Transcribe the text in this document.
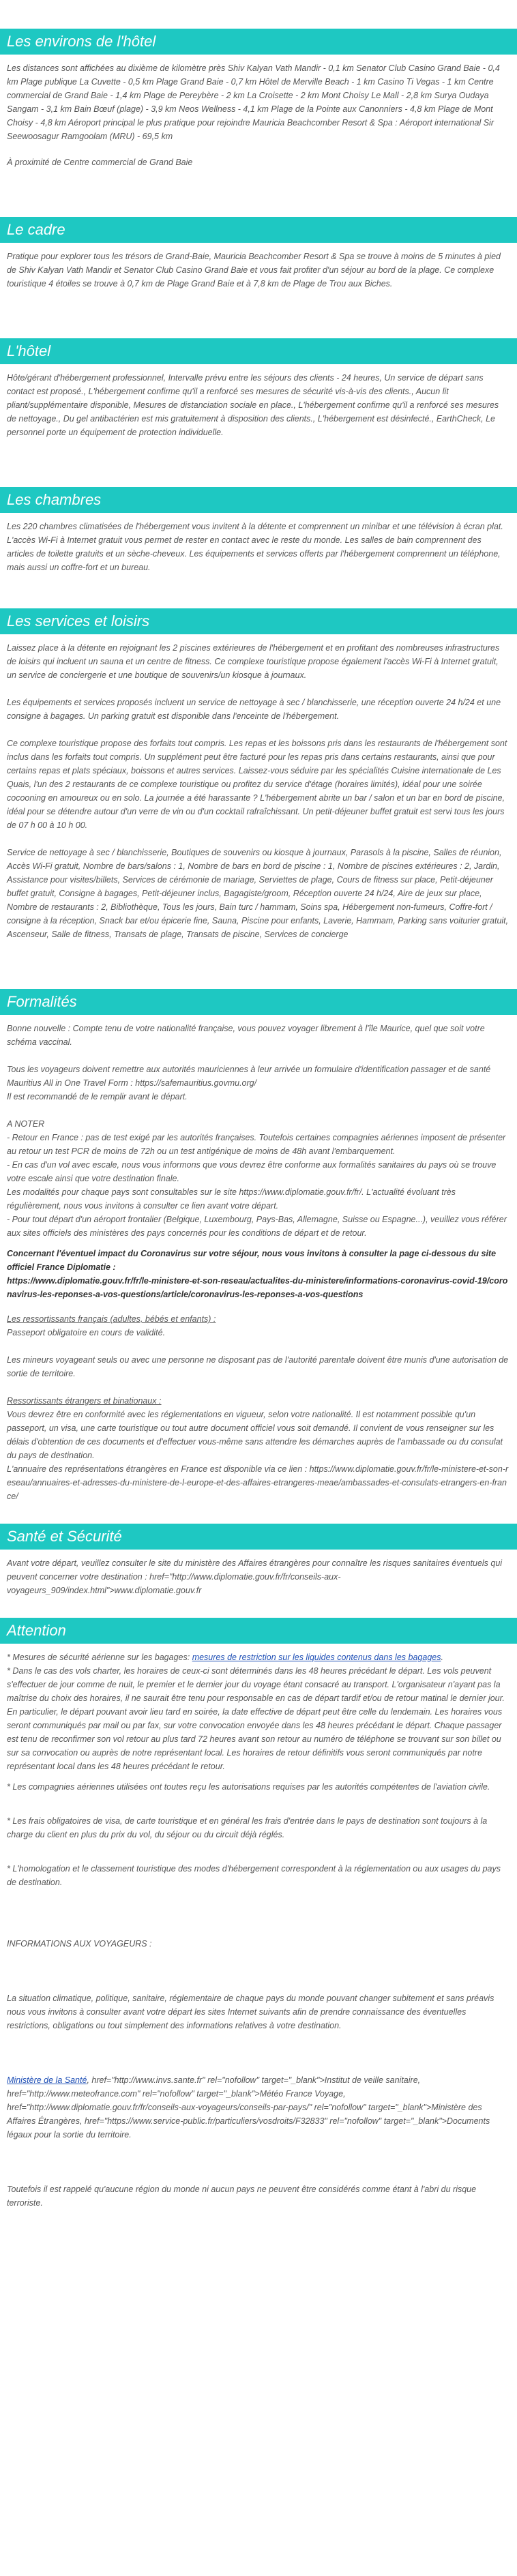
Les environs de l'hôtel

Les distances sont affichées au dixième de kilomètre près Shiv Kalyan Vath Mandir - 0,1 km Senator Club Casino Grand Baie - 0,4 km Plage publique La Cuvette - 0,5 km Plage Grand Baie - 0,7 km Hôtel de Merville Beach - 1 km Casino Ti Vegas - 1 km Centre commercial de Grand Baie - 1,4 km Plage de Pereybère - 2 km La Croisette - 2 km Mont Choisy Le Mall - 2,8 km Surya Oudaya Sangam - 3,1 km Bain Bœuf (plage) - 3,9 km Neos Wellness - 4,1 km Plage de la Pointe aux Canonniers - 4,8 km Plage de Mont Choisy - 4,8 km Aéroport principal le plus pratique pour rejoindre Mauricia Beachcomber Resort & Spa : Aéroport international Sir Seewoosagur Ramgoolam (MRU) - 69,5 km

À proximité de Centre commercial de Grand Baie

Le cadre

Pratique pour explorer tous les trésors de Grand-Baie, Mauricia Beachcomber Resort & Spa se trouve à moins de 5 minutes à pied de Shiv Kalyan Vath Mandir et Senator Club Casino Grand Baie et vous fait profiter d'un séjour au bord de la plage. Ce complexe touristique 4 étoiles se trouve à 0,7 km de Plage Grand Baie et à 7,8 km de Plage de Trou aux Biches.

L'hôtel

Hôte/gérant d'hébergement professionnel, Intervalle prévu entre les séjours des clients - 24 heures, Un service de départ sans contact est proposé., L'hébergement confirme qu'il a renforcé ses mesures de sécurité vis-à-vis des clients., Aucun lit pliant/supplémentaire disponible, Mesures de distanciation sociale en place., L'hébergement confirme qu'il a renforcé ses mesures de nettoyage., Du gel antibactérien est mis gratuitement à disposition des clients., L'hébergement est désinfecté., EarthCheck, Le personnel porte un équipement de protection individuelle.

Les chambres

Les 220 chambres climatisées de l'hébergement vous invitent à la détente et comprennent un minibar et une télévision à écran plat. L'accès Wi-Fi à Internet gratuit vous permet de rester en contact avec le reste du monde. Les salles de bain comprennent des articles de toilette gratuits et un sèche-cheveux. Les équipements et services offerts par l'hébergement comprennent un téléphone, mais aussi un coffre-fort et un bureau.

Les services et loisirs

Laissez place à la détente en rejoignant les 2 piscines extérieures de l'hébergement et en profitant des nombreuses infrastructures de loisirs qui incluent un sauna et un centre de fitness. Ce complexe touristique propose également l'accès Wi-Fi à Internet gratuit, un service de conciergerie et une boutique de souvenirs/un kiosque à journaux.

Les équipements et services proposés incluent un service de nettoyage à sec / blanchisserie, une réception ouverte 24 h/24 et une consigne à bagages. Un parking gratuit est disponible dans l'enceinte de l'hébergement.

Ce complexe touristique propose des forfaits tout compris. Les repas et les boissons pris dans les restaurants de l'hébergement sont inclus dans les forfaits tout compris. Un supplément peut être facturé pour les repas pris dans certains restaurants, ainsi que pour certains repas et plats spéciaux, boissons et autres services. Laissez-vous séduire par les spécialités Cuisine internationale de Les Quais, l'un des 2 restaurants de ce complexe touristique ou profitez du service d'étage (horaires limités), idéal pour une soirée cocooning en amoureux ou en solo. La journée a été harassante ? L'hébergement abrite un bar / salon et un bar en bord de piscine, idéal pour se détendre autour d'un verre de vin ou d'un cocktail rafraîchissant. Un petit-déjeuner buffet gratuit est servi tous les jours de 07 h 00 à 10 h 00.

Service de nettoyage à sec / blanchisserie, Boutiques de souvenirs ou kiosque à journaux, Parasols à la piscine, Salles de réunion, Accès Wi-Fi gratuit, Nombre de bars/salons : 1, Nombre de bars en bord de piscine : 1, Nombre de piscines extérieures : 2, Jardin, Assistance pour visites/billets, Services de cérémonie de mariage, Serviettes de plage, Cours de fitness sur place, Petit-déjeuner buffet gratuit, Consigne à bagages, Petit-déjeuner inclus, Bagagiste/groom, Réception ouverte 24 h/24, Aire de jeux sur place, Nombre de restaurants : 2, Bibliothèque, Tous les jours, Bain turc / hammam, Soins spa, Hébergement non-fumeurs, Coffre-fort / consigne à la réception, Snack bar et/ou épicerie fine, Sauna, Piscine pour enfants, Laverie, Hammam, Parking sans voiturier gratuit, Ascenseur, Salle de fitness, Transats de plage, Transats de piscine, Services de concierge

Formalités

Bonne nouvelle : Compte tenu de votre nationalité française, vous pouvez voyager librement à l'île Maurice, quel que soit votre schéma vaccinal.

Tous les voyageurs doivent remettre aux autorités mauriciennes à leur arrivée un formulaire d'identification passager et de santé Mauritius All in One Travel Form : https://safemauritius.govmu.org/
Il est recommandé de le remplir avant le départ.

A NOTER
- Retour en France : pas de test exigé par les autorités françaises. Toutefois certaines compagnies aériennes imposent de présenter au retour un test PCR de moins de 72h ou un test antigénique de moins de 48h avant l'embarquement.
- En cas d'un vol avec escale, nous vous informons que vous devrez être conforme aux formalités sanitaires du pays où se trouve votre escale ainsi que votre destination finale.
Les modalités pour chaque pays sont consultables sur le site https://www.diplomatie.gouv.fr/fr/. L'actualité évoluant très régulièrement, nous vous invitons à consulter ce lien avant votre départ.
- Pour tout départ d'un aéroport frontalier (Belgique, Luxembourg, Pays-Bas, Allemagne, Suisse ou Espagne...), veuillez vous référer aux sites officiels des ministères des pays concernés pour les conditions de départ et de retour.

Concernant l'éventuel impact du Coronavirus sur votre séjour, nous vous invitons à consulter la page ci-dessous du site officiel France Diplomatie :
https://www.diplomatie.gouv.fr/fr/le-ministere-et-son-reseau/actualites-du-ministere/informations-coronavirus-covid-19/coronavirus-les-reponses-a-vos-questions/article/coronavirus-les-reponses-a-vos-questions

Les ressortissants français (adultes, bébés et enfants) :
Passeport obligatoire en cours de validité.

Les mineurs voyageant seuls ou avec une personne ne disposant pas de l'autorité parentale doivent être munis d'une autorisation de sortie de territoire.

Ressortissants étrangers et binationaux :
Vous devrez être en conformité avec les réglementations en vigueur, selon votre nationalité. Il est notamment possible qu'un passeport, un visa, une carte touristique ou tout autre document officiel vous soit demandé. Il convient de vous renseigner sur les délais d'obtention de ces documents et d'effectuer vous-même sans attendre les démarches auprès de l'ambassade ou du consulat du pays de destination.
L'annuaire des représentations étrangères en France est disponible via ce lien : https://www.diplomatie.gouv.fr/fr/le-ministere-et-son-reseau/annuaires-et-adresses-du-ministere-de-l-europe-et-des-affaires-etrangeres-meae/ambassades-et-consulats-etrangers-en-france/

Santé et Sécurité

Avant votre départ, veuillez consulter le site du ministère des Affaires étrangères pour connaître les risques sanitaires éventuels qui peuvent concerner votre destination : href="http://www.diplomatie.gouv.fr/fr/conseils-aux-voyageurs_909/index.html">www.diplomatie.gouv.fr

Attention

* Mesures de sécurité aérienne sur les bagages: mesures de restriction sur les liquides contenus dans les bagages.

* Dans le cas des vols charter, les horaires de ceux-ci sont déterminés dans les 48 heures précédant le départ. Les vols peuvent s'effectuer de jour comme de nuit, le premier et le dernier jour du voyage étant consacré au transport. L'organisateur n'ayant pas la maîtrise du choix des horaires, il ne saurait être tenu pour responsable en cas de départ tardif et/ou de retour matinal le dernier jour. En particulier, le départ pouvant avoir lieu tard en soirée, la date effective de départ peut être celle du lendemain. Les horaires vous seront communiqués par mail ou par fax, sur votre convocation envoyée dans les 48 heures précédant le départ. Chaque passager est tenu de reconfirmer son vol retour au plus tard 72 heures avant son retour au numéro de téléphone se trouvant sur son billet ou sur sa convocation ou auprès de notre représentant local. Les horaires de retour définitifs vous seront communiqués par notre représentant local dans les 48 heures précédant le retour.

* Les compagnies aériennes utilisées ont toutes reçu les autorisations requises par les autorités compétentes de l'aviation civile.

* Les frais obligatoires de visa, de carte touristique et en général les frais d'entrée dans le pays de destination sont toujours à la charge du client en plus du prix du vol, du séjour ou du circuit déjà réglés.

* L'homologation et le classement touristique des modes d'hébergement correspondent à la réglementation ou aux usages du pays de destination.

INFORMATIONS AUX VOYAGEURS :

La situation climatique, politique, sanitaire, réglementaire de chaque pays du monde pouvant changer subitement et sans préavis nous vous invitons à consulter avant votre départ les sites Internet suivants afin de prendre connaissance des éventuelles restrictions, obligations ou tout simplement des informations relatives à votre destination.

Ministère de la Santé, href="http://www.invs.sante.fr" rel="nofollow" target="_blank">Institut de veille sanitaire, href="http://www.meteofrance.com" rel="nofollow" target="_blank">Météo France Voyage, href="http://www.diplomatie.gouv.fr/fr/conseils-aux-voyageurs/conseils-par-pays/" rel="nofollow" target="_blank">Ministère des Affaires Étrangères, href="https://www.service-public.fr/particuliers/vosdroits/F32833" rel="nofollow" target="_blank">Documents légaux pour la sortie du territoire.

Toutefois il est rappelé qu'aucune région du monde ni aucun pays ne peuvent être considérés comme étant à l'abri du risque terroriste.
